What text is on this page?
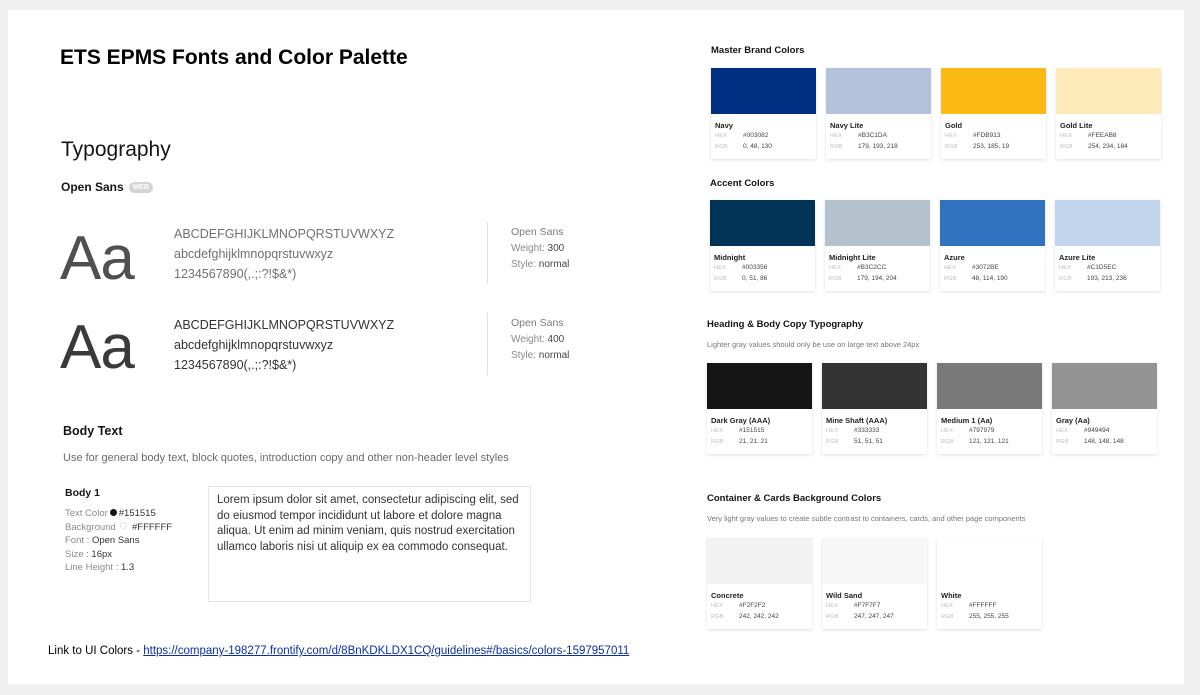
ETS EPMS Fonts and Color Palette
Typography
Open Sans	WEB
Aa	ABCDEFGHIJKLMNOPQRSTUVWXYZ
abcdefghijklmnopqrstuvwxyz
1234567890(,.;:?!$&*)
Open Sans
Weight: 300
Style: normal
Aa	ABCDEFGHIJKLMNOPQRSTUVWXYZ
abcdefghijklmnopqrstuvwxyz
1234567890(,.;:?!$&*)
Open Sans
Weight: 400
Style: normal
Body Text
Use for general body text, block quotes, introduction copy and other non-header level styles
Body 1
Text Color #151515
Background #FFFFFF
Font : Open Sans
Size : 16px
Line Height : 1.3
Lorem ipsum dolor sit amet, consectetur adipiscing elit, sed do eiusmod tempor incididunt ut labore et dolore magna aliqua. Ut enim ad minim veniam, quis nostrud exercitation ullamco laboris nisi ut aliquip ex ea commodo consequat.
Link to UI Colors - https://company-198277.frontify.com/d/8BnKDKLDX1CQ/guidelines#/basics/colors-1597957011
Master Brand Colors
Accent Colors
Heading & Body Copy Typography
Lighter gray values should only be use on large text above 24px
Container & Cards Background Colors
Very light gray values to create subtle contrast to containers, cards, and other page components
Navy
HEX	#003082
RGB	0, 48, 130
Navy Lite
HEX	#B3C1DA
RGB	179, 193, 218
Gold
HEX	#FDB913
RGB	253, 185, 19
Gold Lite
HEX	#FEEAB8
RGB	254, 234, 184
Midnight
HEX	#003356
RGB	0, 51, 86
Midnight Lite
HEX	#B3C2CC
RGB	179, 194, 204
Azure
HEX	#3072BE
RGB	48, 114, 190
Azure Lite
HEX	#C1D5EC
RGB	193, 213, 236
Dark Gray (AAA)
HEX	#151515
RGB	21, 21, 21
Mine Shaft (AAA)
HEX	#333333
RGB	51, 51, 51
Medium 1 (Aa)
HEX	#797979
RGB	121, 121, 121
Gray (Aa)
HEX	#949494
RGB	148, 148, 148
Concrete
HEX	#F2F2F2
RGB	242, 242, 242
Wild Sand
HEX	#F7F7F7
RGB	247, 247, 247
White
HEX	#FFFFFF
RGB	255, 255, 255
